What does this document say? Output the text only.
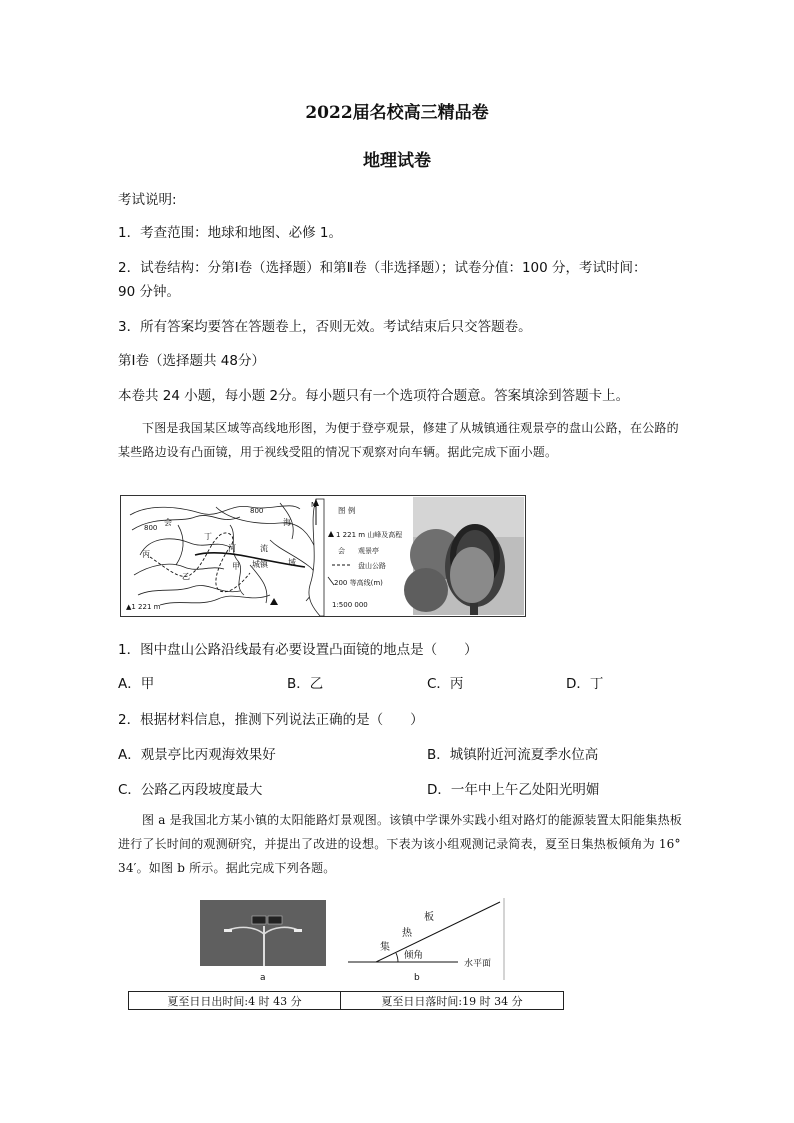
2022届名校高三精品卷
地理试卷
考试说明:
1．考查范围：地球和地图、必修 1。
2．试卷结构：分第Ⅰ卷（选择题）和第Ⅱ卷（非选择题）；试卷分值：100 分，考试时间：
90 分钟。
3．所有答案均要答在答题卷上，否则无效。考试结束后只交答题卷。
第Ⅰ卷（选择题共 48分）
本卷共 24 小题，每小题 2分。每小题只有一个选项符合题意。答案填涂到答题卡上。
下图是我国某区域等高线地形图，为便于登亭观景，修建了从城镇通往观景亭的盘山公路，在公路的某些路边设有凸面镜，用于视线受阻的情况下观察对向车辆。据此完成下面小题。
N
800
800
会
丙
丁
乙
甲
河	流
城镇
海
域
▲1 221 m
图 例
1 221 m 山峰及高程
会 观景亭
盘山公路
200 等高线(m)
1:500 000
1．图中盘山公路沿线最有必要设置凸面镜的地点是（　　）
A．甲	B．乙	C．丙	D．丁
2．根据材料信息，推测下列说法正确的是（　　）
A．观景亭比丙观海效果好	B．城镇附近河流夏季水位高
C．公路乙丙段坡度最大	D．一年中上午乙处阳光明媚
图 a 是我国北方某小镇的太阳能路灯景观图。该镇中学课外实践小组对路灯的能源装置太阳能集热板进行了长时间的观测研究，并提出了改进的设想。下表为该小组观测记录简表，夏至日集热板倾角为 16° 34′。如图 b 所示。据此完成下列各题。
a
板
热
集
倾角
水平面
b
夏至日日出时间:4 时 43 分	夏至日日落时间:19 时 34 分
